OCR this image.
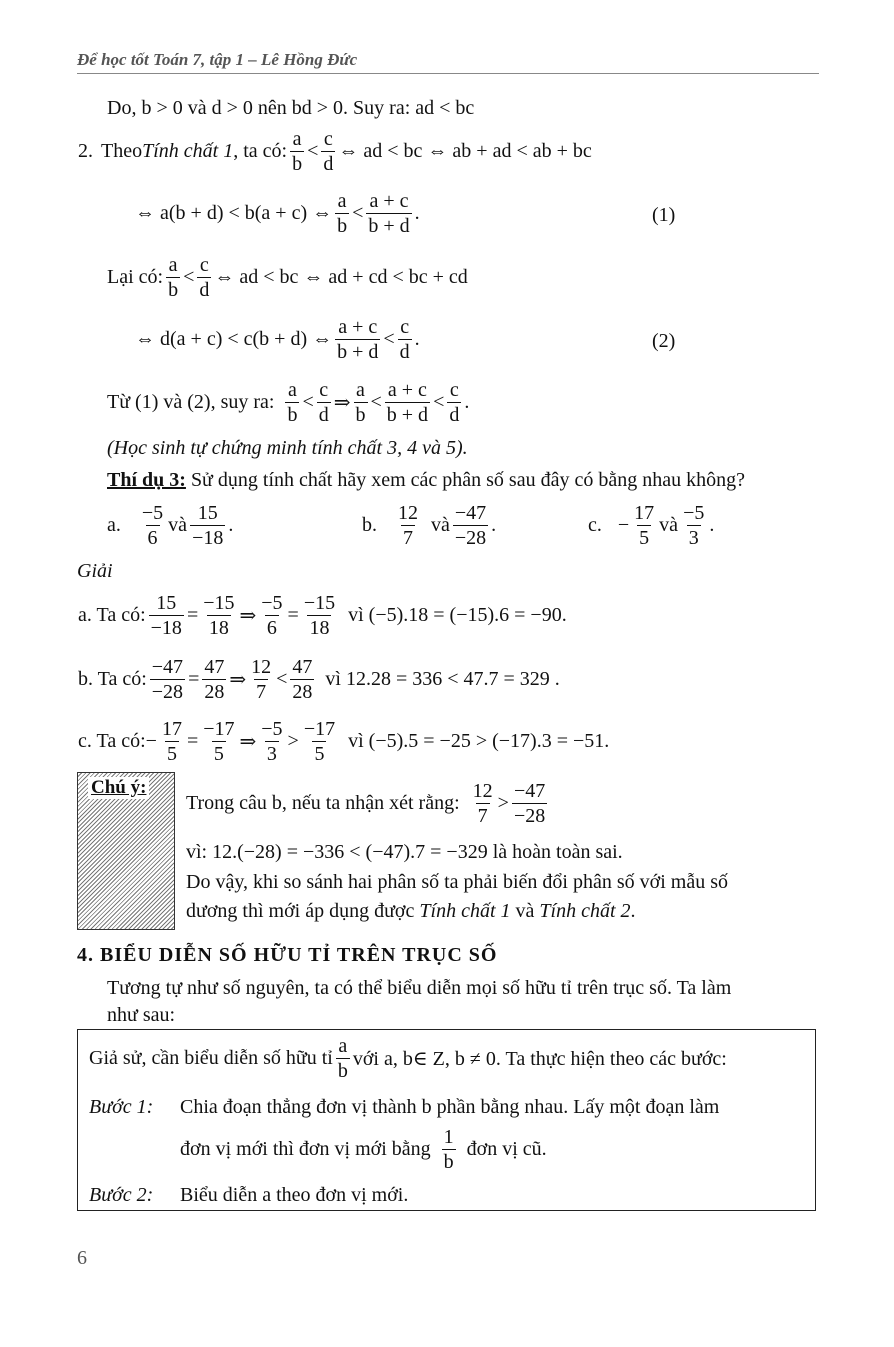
Để học tốt Toán 7, tập 1 – Lê Hồng Đức
Do, b > 0 và d > 0 nên bd > 0. Suy ra: ad < bc
2. Theo Tính chất 1 , ta có: $\frac{a}{b} < \frac{c}{d}$ ⇔ ad < bc ⇔ ab + ad < ab + bc
⇔ a(b + d) < b(a + c) ⇔ $\frac{a}{b} < \frac{a + c}{b + d}$ .	(1)
Lại có: $\frac{a}{b} < \frac{c}{d}$ ⇔ ad < bc ⇔ ad + cd < bc + cd
⇔ d(a + c) < c(b + d) ⇔ $\frac{a + c}{b + d} < \frac{c}{d}$ .	(2)
Từ (1) và (2), suy ra: $\frac{a}{b} < \frac{c}{d}$ ⇒ $\frac{a}{b} < \frac{a + c}{b + d} < \frac{c}{d}$ .
(Học sinh tự chứng minh tính chất 3, 4 và 5).
Thí dụ 3: Sử dụng tính chất hãy xem các phân số sau đây có bằng nhau không?
a. $\frac{-5}{6}$ và $\frac{15}{-18}$ .	b. $\frac{12}{7}$ và $\frac{-47}{-28}$ .	c. − $\frac{17}{5}$ và $\frac{-5}{3}$ .
Giải
a. Ta có: $\frac{15}{-18} = \frac{-15}{18}$ ⇒ $\frac{-5}{6} = \frac{-15}{18}$ vì (−5).18 = (−15).6 = −90.
b. Ta có: $\frac{-47}{-28} = \frac{47}{28}$ ⇒ $\frac{12}{7} < \frac{47}{28}$ vì 12.28 = 336 < 47.7 = 329 .
c. Ta có: − $\frac{17}{5} = \frac{-17}{5}$ ⇒ $\frac{-5}{3} > \frac{-17}{5}$ vì (−5).5 = −25 > (−17).3 = −51.
Chú ý:
Trong câu b, nếu ta nhận xét rằng: $\frac{12}{7} > \frac{-47}{-28}$
vì: 12.(−28) = −336 < (−47).7 = −329 là hoàn toàn sai.
Do vậy, khi so sánh hai phân số ta phải biến đổi phân số với mẫu số
dương thì mới áp dụng được Tính chất 1 và Tính chất 2.
4. BIỂU DIỄN SỐ HỮU TỈ TRÊN TRỤC SỐ
Tương tự như số nguyên, ta có thể biểu diễn mọi số hữu tỉ trên trục số. Ta làm
như sau:
Giả sử, cần biểu diễn số hữu tỉ $\frac{a}{b}$ với a, b∈ Z, b ≠ 0. Ta thực hiện theo các bước:
Bước 1: Chia đoạn thẳng đơn vị thành b phần bằng nhau. Lấy một đoạn làm
đơn vị mới thì đơn vị mới bằng $\frac{1}{b}$ đơn vị cũ.
Bước 2: Biểu diễn a theo đơn vị mới.
6
